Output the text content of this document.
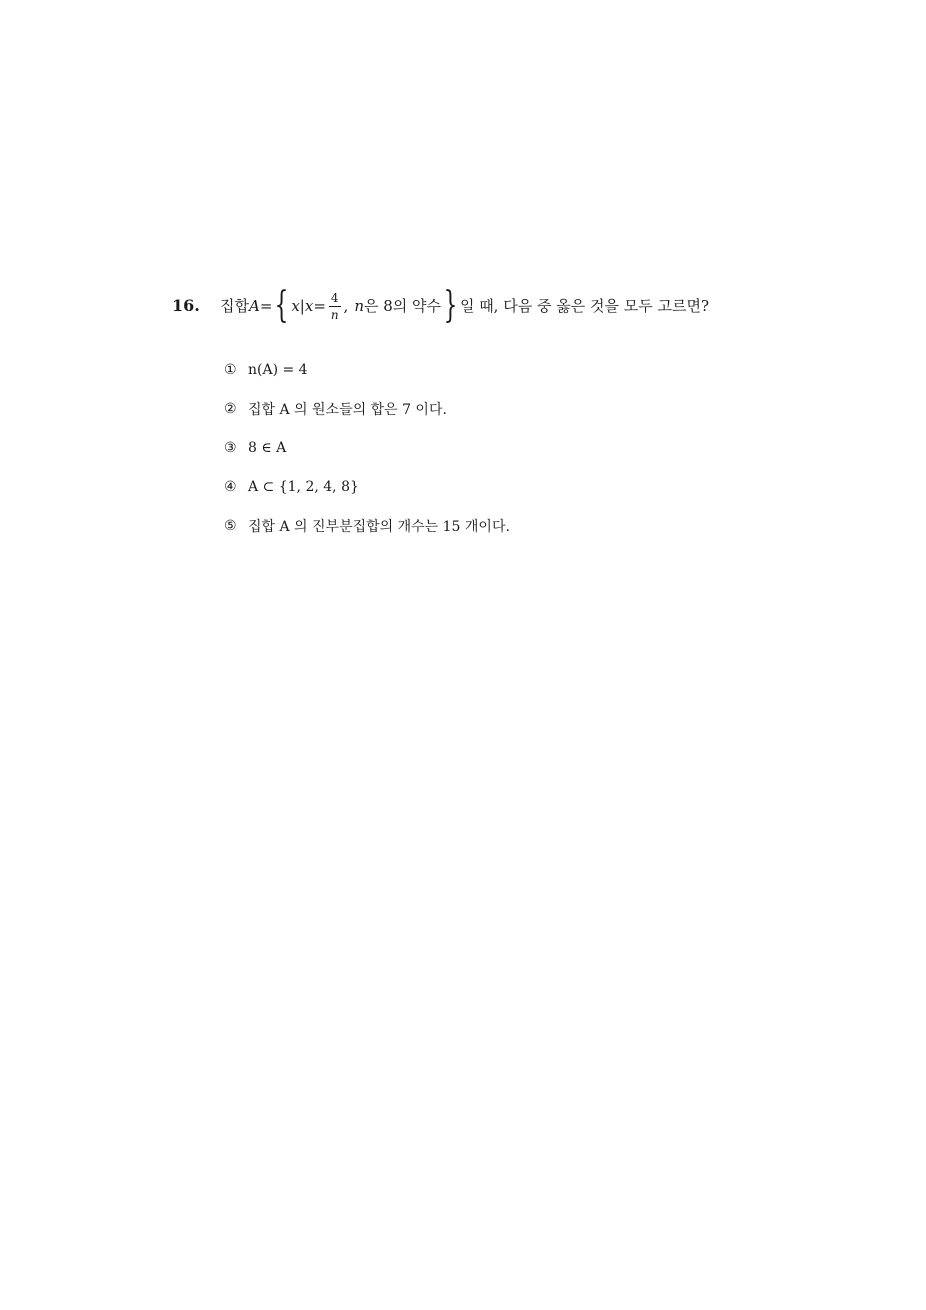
16.	집합 A = { x | $x = \frac{4}{n}$ , n 은 8의 약수 } 일 때, 다음 중 옳은 것을 모두 고르면?
① n(A) = 4
② 집합 A 의 원소들의 합은 7 이다.
③ 8 ∈ A
④ A ⊂ {1, 2, 4, 8}
⑤ 집합 A 의 진부분집합의 개수는 15 개이다.
